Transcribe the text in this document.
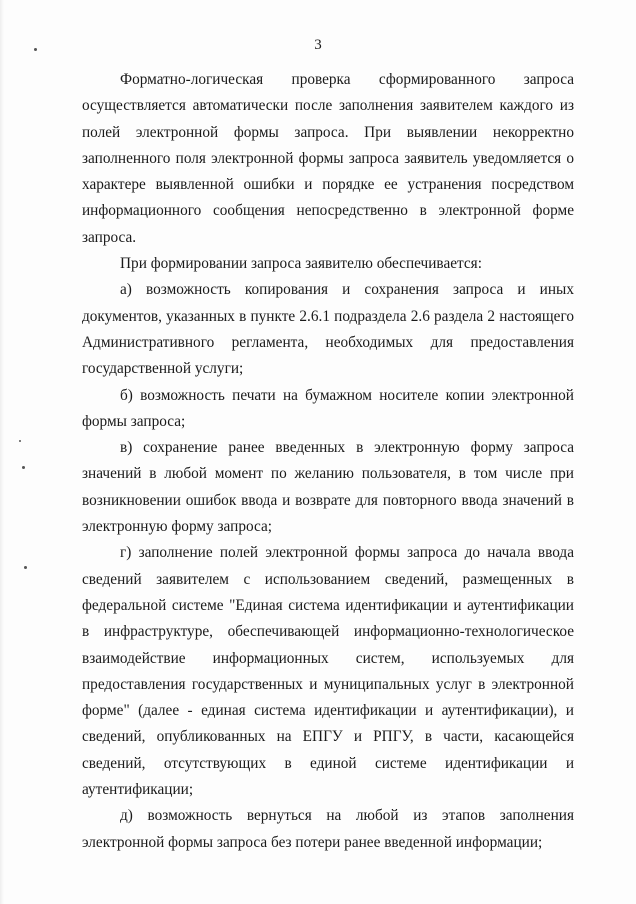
3

Форматно-логическая проверка сформированного запроса осуществляется автоматически после заполнения заявителем каждого из полей электронной формы запроса. При выявлении некорректно заполненного поля электронной формы запроса заявитель уведомляется о характере выявленной ошибки и порядке ее устранения посредством информационного сообщения непосредственно в электронной форме запроса.

При формировании запроса заявителю обеспечивается:

а) возможность копирования и сохранения запроса и иных документов, указанных в пункте 2.6.1 подраздела 2.6 раздела 2 настоящего Административного регламента, необходимых для предоставления государственной услуги;

б) возможность печати на бумажном носителе копии электронной формы запроса;

в) сохранение ранее введенных в электронную форму запроса значений в любой момент по желанию пользователя, в том числе при возникновении ошибок ввода и возврате для повторного ввода значений в электронную форму запроса;

г) заполнение полей электронной формы запроса до начала ввода сведений заявителем с использованием сведений, размещенных в федеральной системе "Единая система идентификации и аутентификации в инфраструктуре, обеспечивающей информационно-технологическое взаимодействие информационных систем, используемых для предоставления государственных и муниципальных услуг в электронной форме" (далее - единая система идентификации и аутентификации), и сведений, опубликованных на ЕПГУ и РПГУ, в части, касающейся сведений, отсутствующих в единой системе идентификации и аутентификации;

д) возможность вернуться на любой из этапов заполнения электронной формы запроса без потери ранее введенной информации;
